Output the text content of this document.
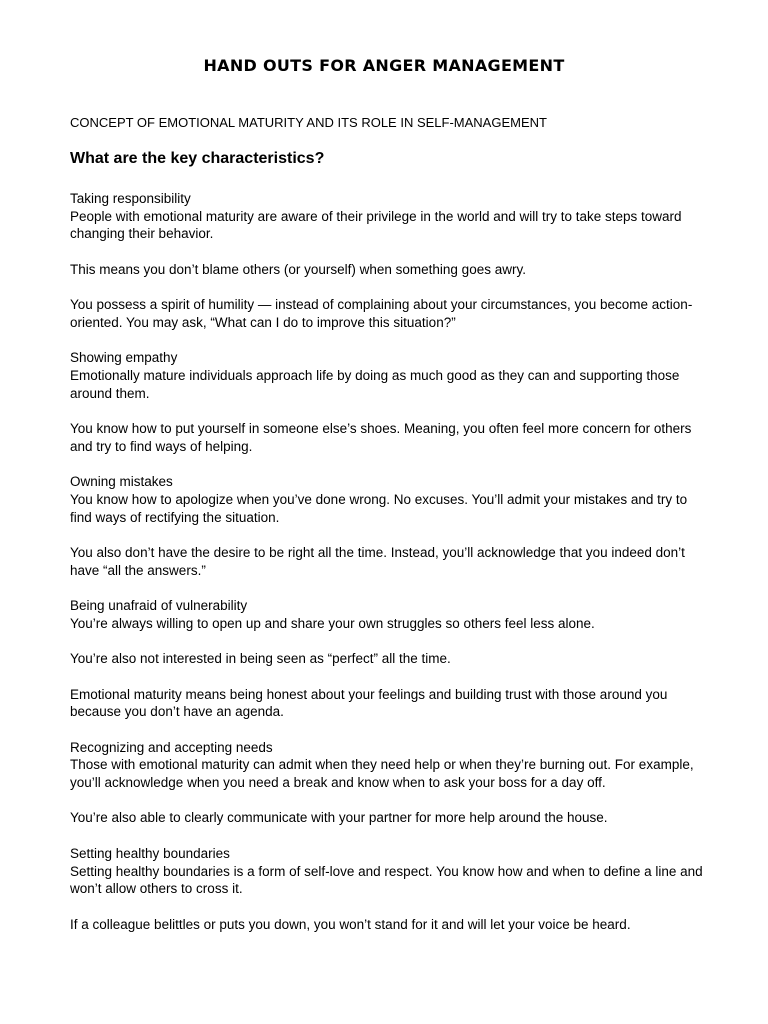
HAND OUTS FOR ANGER MANAGEMENT

CONCEPT OF EMOTIONAL MATURITY AND ITS ROLE IN SELF-MANAGEMENT

What are the key characteristics?

Taking responsibility

People with emotional maturity are aware of their privilege in the world and will try to take steps toward changing their behavior.

This means you don’t blame others (or yourself) when something goes awry.

You possess a spirit of humility — instead of complaining about your circumstances, you become action-oriented. You may ask, “What can I do to improve this situation?”

Showing empathy

Emotionally mature individuals approach life by doing as much good as they can and supporting those around them.

You know how to put yourself in someone else’s shoes. Meaning, you often feel more concern for others and try to find ways of helping.

Owning mistakes

You know how to apologize when you’ve done wrong. No excuses. You’ll admit your mistakes and try to find ways of rectifying the situation.

You also don’t have the desire to be right all the time. Instead, you’ll acknowledge that you indeed don’t have “all the answers.”

Being unafraid of vulnerability

You’re always willing to open up and share your own struggles so others feel less alone.

You’re also not interested in being seen as “perfect” all the time.

Emotional maturity means being honest about your feelings and building trust with those around you because you don’t have an agenda.

Recognizing and accepting needs

Those with emotional maturity can admit when they need help or when they’re burning out. For example, you’ll acknowledge when you need a break and know when to ask your boss for a day off.

You’re also able to clearly communicate with your partner for more help around the house.

Setting healthy boundaries

Setting healthy boundaries is a form of self-love and respect. You know how and when to define a line and won’t allow others to cross it.

If a colleague belittles or puts you down, you won’t stand for it and will let your voice be heard.
